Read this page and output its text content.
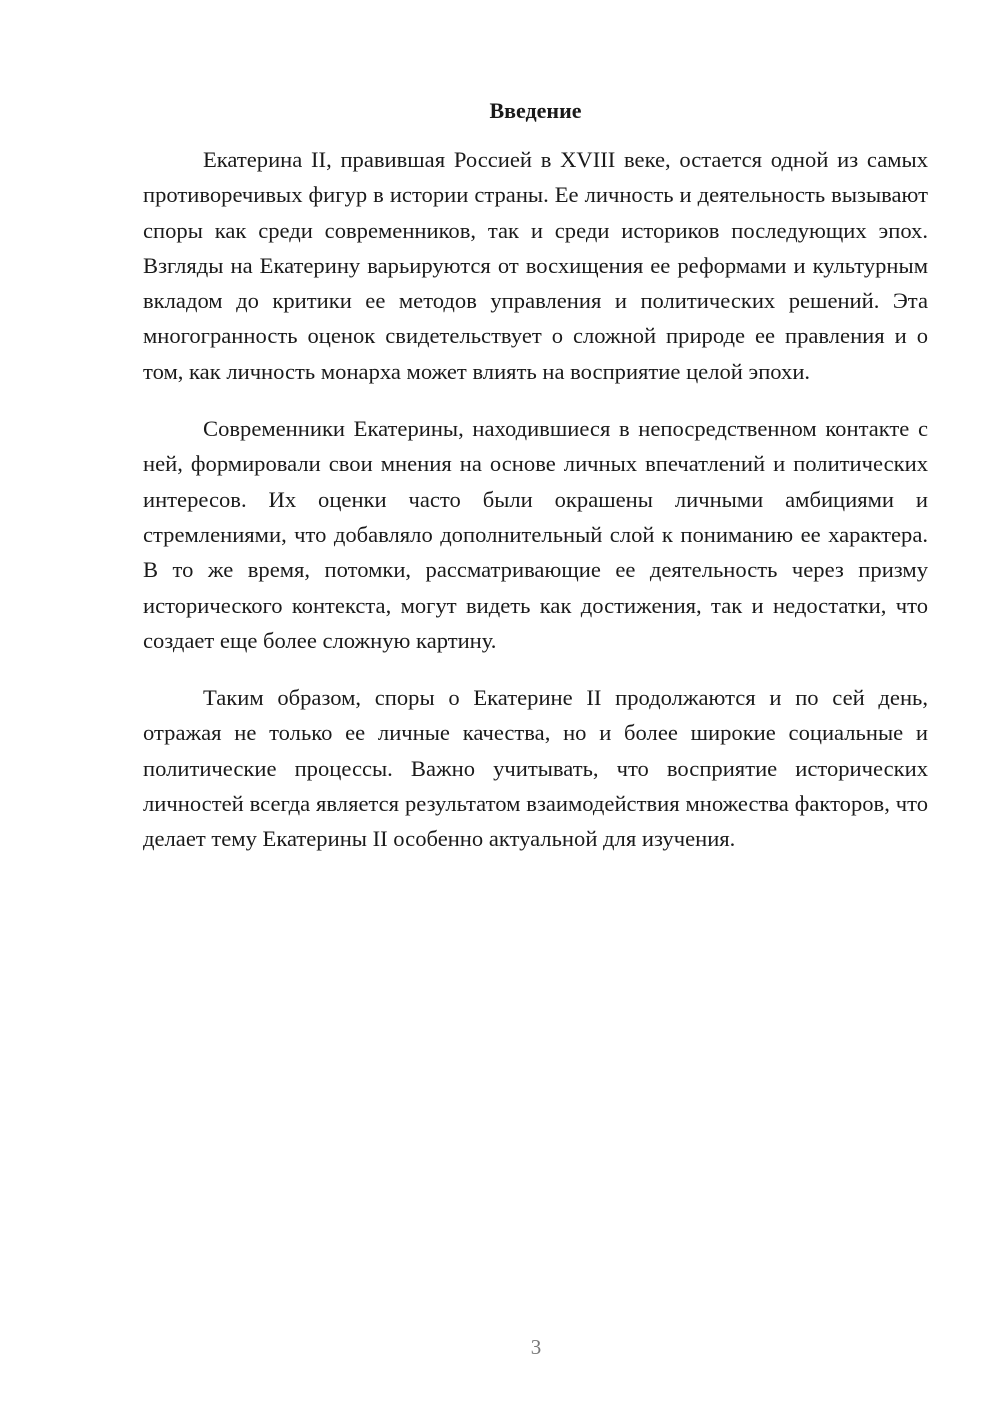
Введение

Екатерина II, правившая Россией в XVIII веке, остается одной из самых противоречивых фигур в истории страны. Ее личность и деятельность вызывают споры как среди современников, так и среди историков последующих эпох. Взгляды на Екатерину варьируются от восхищения ее реформами и культурным вкладом до критики ее методов управления и политических решений. Эта многогранность оценок свидетельствует о сложной природе ее правления и о том, как личность монарха может влиять на восприятие целой эпохи.

Современники Екатерины, находившиеся в непосредственном контакте с ней, формировали свои мнения на основе личных впечатлений и политических интересов. Их оценки часто были окрашены личными амбициями и стремлениями, что добавляло дополнительный слой к пониманию ее характера. В то же время, потомки, рассматривающие ее деятельность через призму исторического контекста, могут видеть как достижения, так и недостатки, что создает еще более сложную картину.

Таким образом, споры о Екатерине II продолжаются и по сей день, отражая не только ее личные качества, но и более широкие социальные и политические процессы. Важно учитывать, что восприятие исторических личностей всегда является результатом взаимодействия множества факторов, что делает тему Екатерины II особенно актуальной для изучения.

3
